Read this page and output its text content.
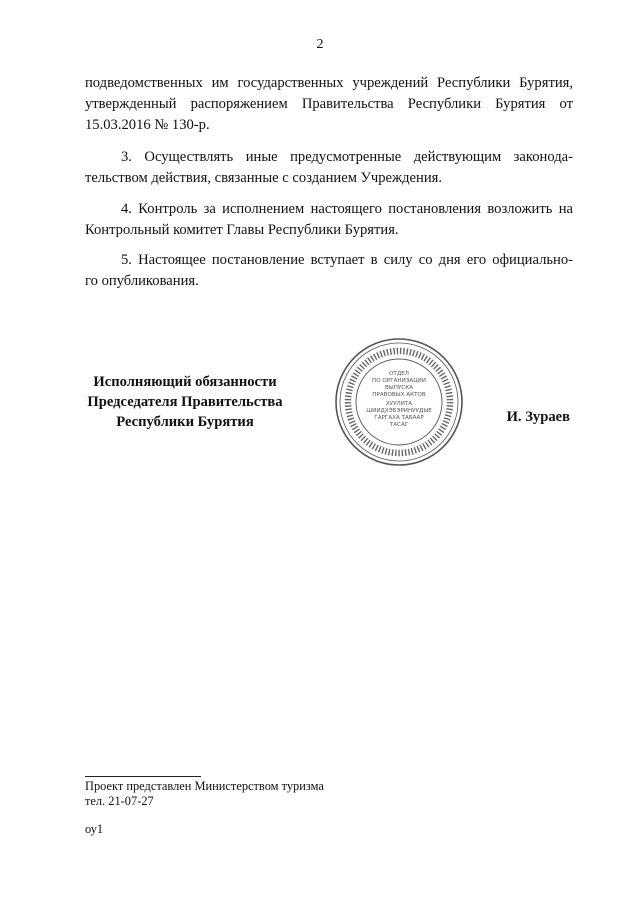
2
подведомственных им государственных учреждений Республики Бурятия,
утвержденный распоряжением Правительства Республики Бурятия от
15.03.2016 № 130-р.
3. Осуществлять иные предусмотренные действующим законода-
тельством действия, связанные с созданием Учреждения.
4. Контроль за исполнением настоящего постановления возложить на
Контрольный комитет Главы Республики Бурятия.
5. Настоящее постановление вступает в силу со дня его официально-
го опубликования.
Исполняющий обязанности
Председателя Правительства
Республики Бурятия
ОТДЕЛ
ПО ОРГАНИЗАЦИИ
ВЫПУСКА
ПРАВОВЫХ АКТОВ
ХУУЛИТА
ШИИДХЭБЭРИНУУДЫЕ
ГАРГАХА ТАБААР
ТАСАГ	И. Зураев
Проект представлен Министерством туризма
тел. 21-07-27
оу1
